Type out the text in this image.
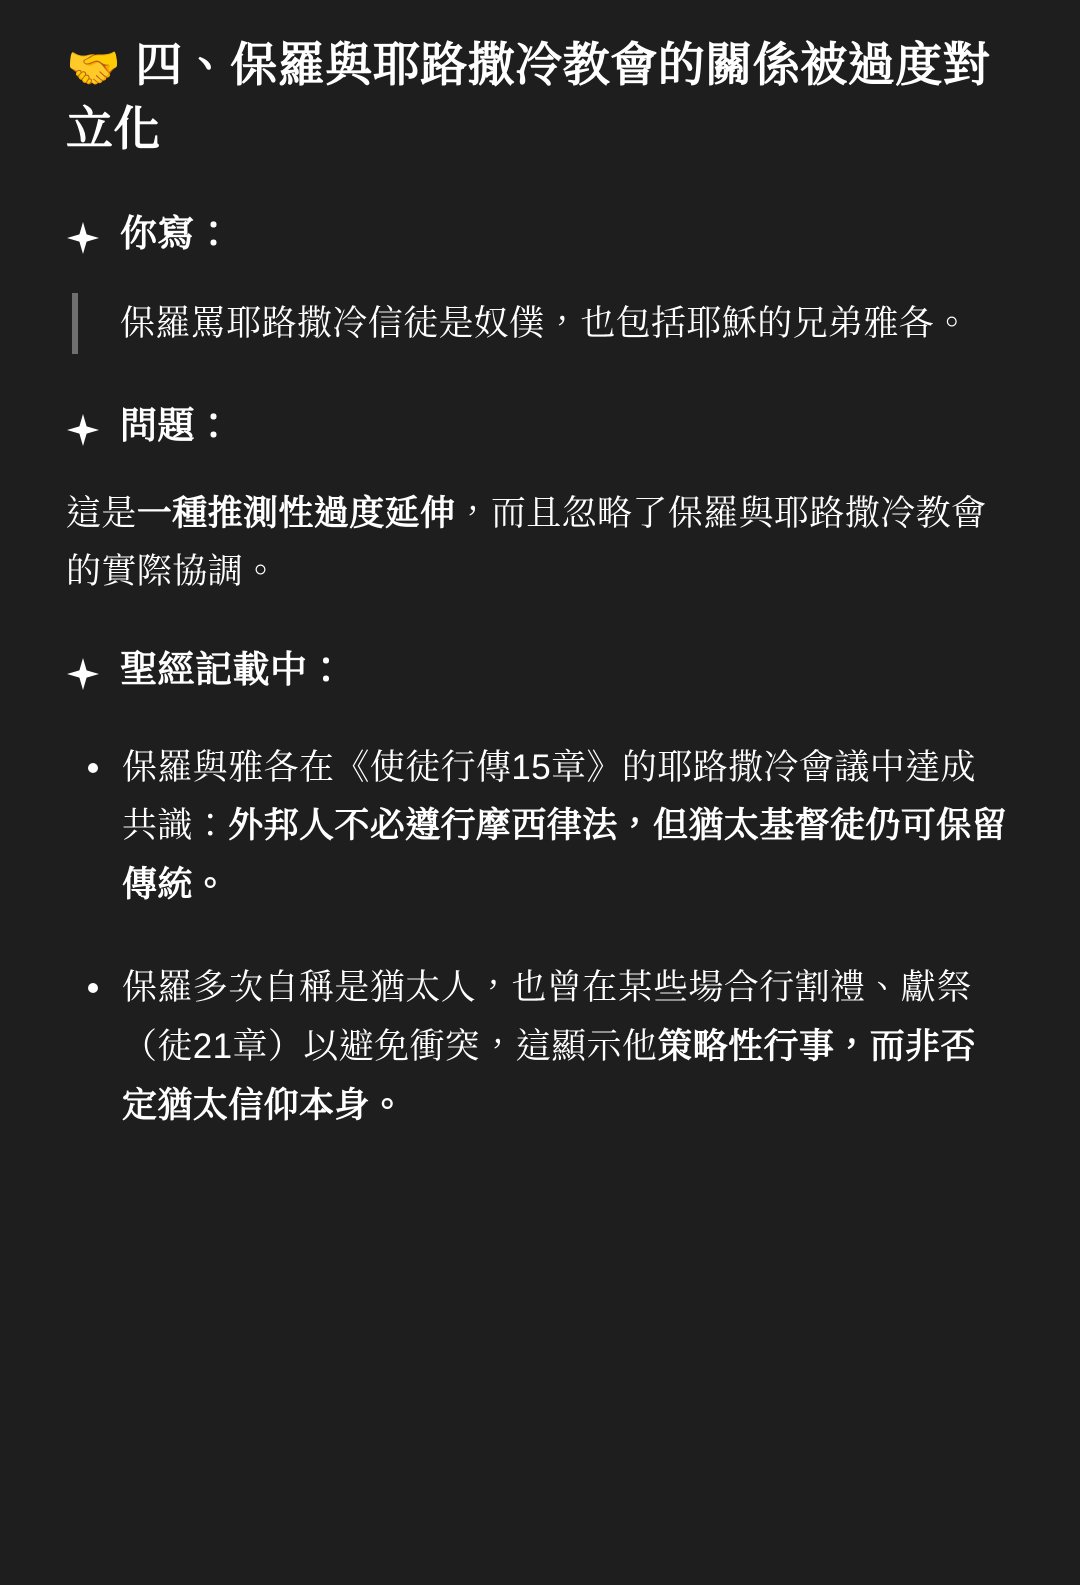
🤝 四、保羅與耶路撒冷教會的關係被過度對立化
你寫：

保羅罵耶路撒冷信徒是奴僕，也包括耶穌的兄弟雅各。

問題：

這是一種推測性過度延伸，而且忽略了保羅與耶路撒冷教會的實際協調。

聖經記載中：
保羅與雅各在《使徒行傳15章》的耶路撒冷會議中達成共識：外邦人不必遵行摩西律法，但猶太基督徒仍可保留傳統。
保羅多次自稱是猶太人，也曾在某些場合行割禮、獻祭（徒21章）以避免衝突，這顯示他策略性行事，而非否定猶太信仰本身。
